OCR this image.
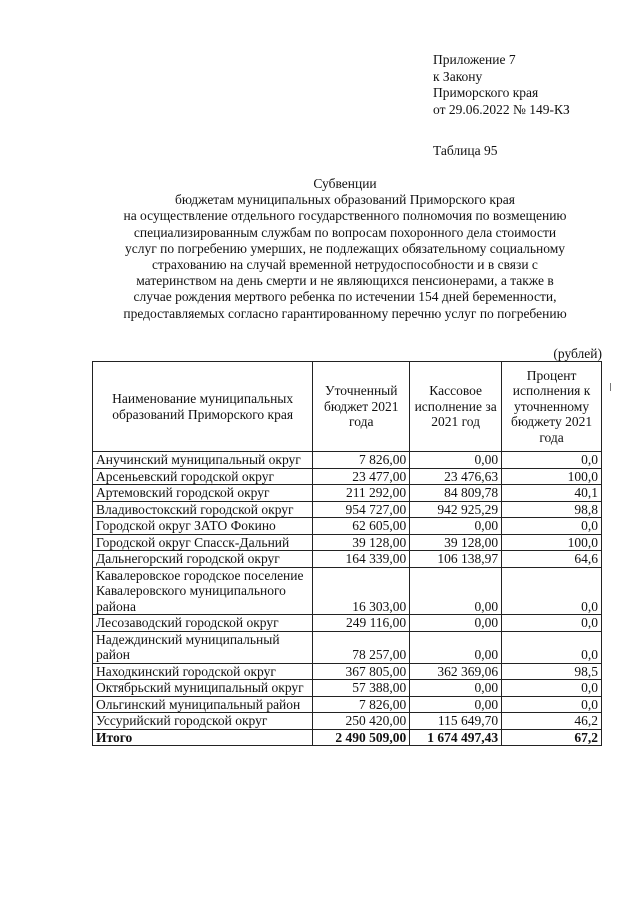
Приложение 7
к Закону
Приморского края
от 29.06.2022 № 149-КЗ
Таблица 95
Субвенции
бюджетам муниципальных образований Приморского края
на осуществление отдельного государственного полномочия по возмещению
специализированным службам по вопросам похоронного дела стоимости
услуг по погребению умерших, не подлежащих обязательному социальному
страхованию на случай временной нетрудоспособности и в связи с
материнством на день смерти и не являющихся пенсионерами, а также в
случае рождения мертвого ребенка по истечении 154 дней беременности,
предоставляемых согласно гарантированному перечню услуг по погребению
(рублей)
Наименование муниципальных образований Приморского края	Уточненный бюджет 2021 года	Кассовое исполнение за 2021 год	Процент исполнения к уточненному бюджету 2021 года
Анучинский муниципальный округ	7 826,00	0,00	0,0
Арсеньевский городской округ	23 477,00	23 476,63	100,0
Артемовский городской округ	211 292,00	84 809,78	40,1
Владивостокский городской округ	954 727,00	942 925,29	98,8
Городской округ ЗАТО Фокино	62 605,00	0,00	0,0
Городской округ Спасск-Дальний	39 128,00	39 128,00	100,0
Дальнегорский городской округ	164 339,00	106 138,97	64,6
Кавалеровское городское поселение Кавалеровского муниципального района	16 303,00	0,00	0,0
Лесозаводский городской округ	249 116,00	0,00	0,0
Надеждинский муниципальный район	78 257,00	0,00	0,0
Находкинский городской округ	367 805,00	362 369,06	98,5
Октябрьский муниципальный округ	57 388,00	0,00	0,0
Ольгинский муниципальный район	7 826,00	0,00	0,0
Уссурийский городской округ	250 420,00	115 649,70	46,2
Итого	2 490 509,00	1 674 497,43	67,2
